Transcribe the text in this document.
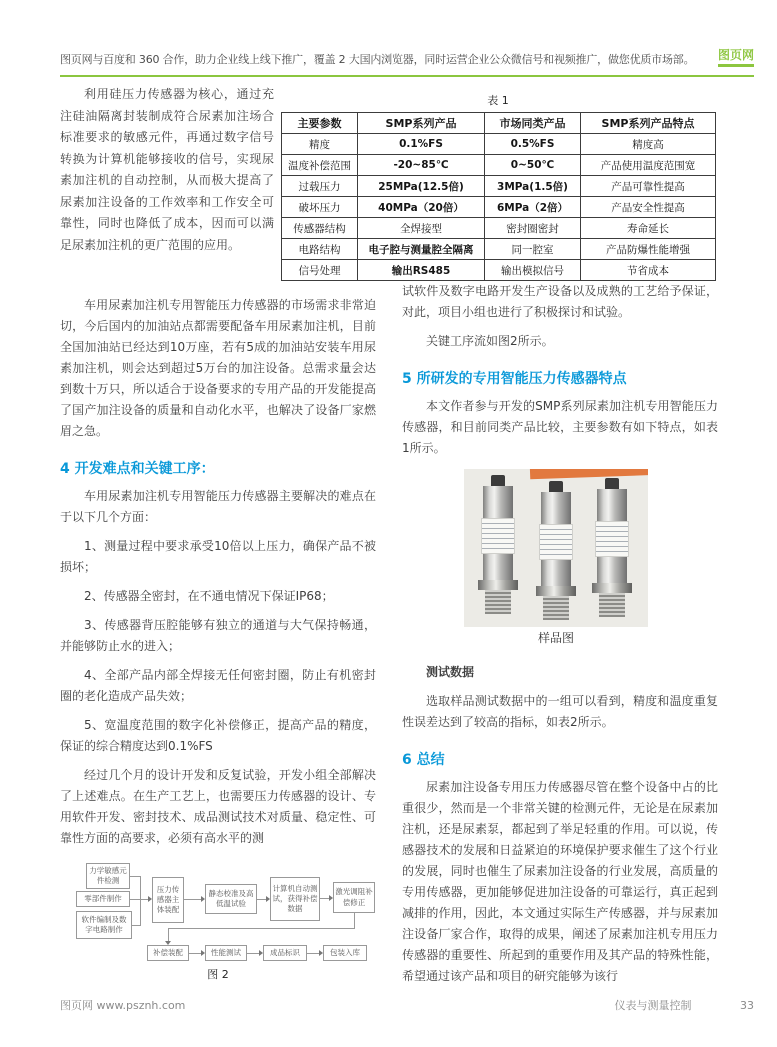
图页网与百度和 360 合作，助力企业线上线下推广，覆盖 2 大国内浏览器，同时运营企业公众微信号和视频推广，做您优质市场部。 图页网
利用硅压力传感器为核心，通过充注硅油隔离封装制成符合尿素加注场合标准要求的敏感元件，再通过数字信号转换为计算机能够接收的信号，实现尿素加注机的自动控制，从而极大提高了尿素加注设备的工作效率和工作安全可靠性，同时也降低了成本，因而可以满足尿素加注机的更广范围的应用。
表 1
主要参数	SMP系列产品	市场同类产品	SMP系列产品特点
精度	0.1%FS	0.5%FS	精度高
温度补偿范围	-20~85℃	0~50℃	产品使用温度范围宽
过载压力	25MPa(12.5倍)	3MPa(1.5倍)	产品可靠性提高
破坏压力	40MPa（20倍）	6MPa（2倍）	产品安全性提高
传感器结构	全焊接型	密封圈密封	寿命延长
电路结构	电子腔与测量腔全隔离	同一腔室	产品防爆性能增强
信号处理	输出RS485	输出模拟信号	节省成本

车用尿素加注机专用智能压力传感器的市场需求非常迫切，今后国内的加油站点都需要配备车用尿素加注机，目前全国加油站已经达到10万座，若有5成的加油站安装车用尿素加注机，则会达到超过5万台的加注设备。总需求量会达到数十万只，所以适合于设备要求的专用产品的开发能提高了国产加注设备的质量和自动化水平，也解决了设备厂家燃眉之急。

4 开发难点和关键工序：

车用尿素加注机专用智能压力传感器主要解决的难点在于以下几个方面：

1、测量过程中要求承受10倍以上压力，确保产品不被损坏；

2、传感器全密封，在不通电情况下保证IP68；

3、传感器背压腔能够有独立的通道与大气保持畅通，并能够防止水的进入；

4、全部产品内部全焊接无任何密封圈，防止有机密封圈的老化造成产品失效；

5、宽温度范围的数字化补偿修正，提高产品的精度，保证的综合精度达到0.1%FS

经过几个月的设计开发和反复试验，开发小组全部解决了上述难点。在生产工艺上，也需要压力传感器的设计、专用软件开发、密封技术、成品测试技术对质量、稳定性、可靠性方面的高要求，必须有高水平的测

力学敏感元件检测
零部件制作
软件编制及数字电路制作
压力传感器主体装配
静态校准及高低温试验
计算机自动测试，获得补偿数据
激光调阻补偿修正
补偿装配	性能测试	成品标识	包装入库
图 2

试软件及数字电路开发生产设备以及成熟的工艺给予保证，对此，项目小组也进行了积极探讨和试验。

关键工序流如图2所示。

5 所研发的专用智能压力传感器特点

本文作者参与开发的SMP系列尿素加注机专用智能压力传感器，和目前同类产品比较，主要参数有如下特点，如表1所示。

样品图

测试数据

选取样品测试数据中的一组可以看到，精度和温度重复性误差达到了较高的指标，如表2所示。

6 总结

尿素加注设备专用压力传感器尽管在整个设备中占的比重很少，然而是一个非常关键的检测元件，无论是在尿素加注机，还是尿素泵，都起到了举足轻重的作用。可以说，传感器技术的发展和日益紧迫的环境保护要求催生了这个行业的发展，同时也催生了尿素加注设备的行业发展，高质量的专用传感器，更加能够促进加注设备的可靠运行，真正起到减排的作用，因此，本文通过实际生产传感器，并与尿素加注设备厂家合作，取得的成果，阐述了尿素加注机专用压力传感器的重要性、所起到的重要作用及其产品的特殊性能，希望通过该产品和项目的研究能够为该行

图页网 www.psznh.com	仪表与测量控制	33
